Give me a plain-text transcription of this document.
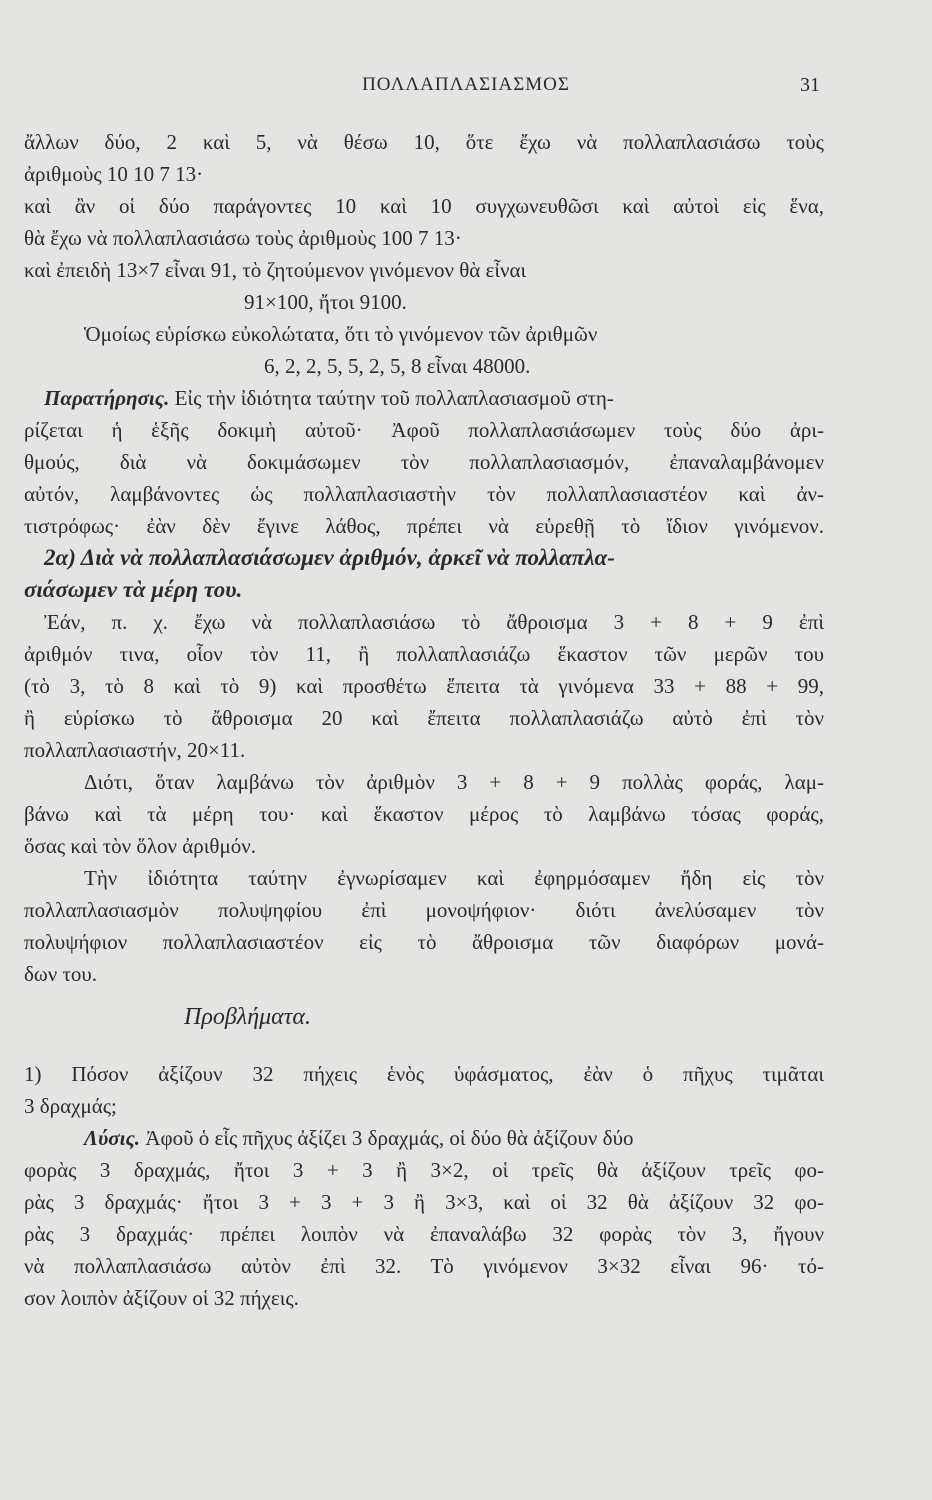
ΠΟΛΛΑΠΛΑΣΙΑΣΜΟΣ	31
ἄλλων δύο, 2 καὶ 5, νὰ θέσω 10, ὅτε ἔχω νὰ πολλαπλασιάσω τοὺς
ἀριθμοὺς 10 10 7 13·
καὶ ἂν οἱ δύο παράγοντες 10 καὶ 10 συγχωνευθῶσι καὶ αὐτοὶ εἰς ἕνα,
θὰ ἔχω νὰ πολλαπλασιάσω τοὺς ἀριθμοὺς 100 7 13·
καὶ ἐπειδὴ 13×7 εἶναι 91, τὸ ζητούμενον γινόμενον θὰ εἶναι
91×100, ἤτοι 9100.
Ὁμοίως εὑρίσκω εὐκολώτατα, ὅτι τὸ γινόμενον τῶν ἀριθμῶν
6, 2, 2, 5, 5, 2, 5, 8 εἶναι 48000.
Παρατήρησις. Εἰς τὴν ἰδιότητα ταύτην τοῦ πολλαπλασιασμοῦ στη-
ρίζεται ἡ ἑξῆς δοκιμὴ αὐτοῦ· Ἀφοῦ πολλαπλασιάσωμεν τοὺς δύο ἀρι-
θμούς, διὰ νὰ δοκιμάσωμεν τὸν πολλαπλασιασμόν, ἐπαναλαμβάνομεν
αὐτόν, λαμβάνοντες ὡς πολλαπλασιαστὴν τὸν πολλαπλασιαστέον καὶ ἀν-
τιστρόφως· ἐὰν δὲν ἔγινε λάθος, πρέπει νὰ εὑρεθῇ τὸ ἴδιον γινόμενον.
2α) Διὰ νὰ πολλαπλασιάσωμεν ἀριθμόν, ἀρκεῖ νὰ πολλαπλα-
σιάσωμεν τὰ μέρη του.
Ἐάν, π. χ. ἔχω νὰ πολλαπλασιάσω τὸ ἄθροισμα 3 + 8 + 9 ἐπὶ
ἀριθμόν τινα, οἷον τὸν 11, ἢ πολλαπλασιάζω ἕκαστον τῶν μερῶν του
(τὸ 3, τὸ 8 καὶ τὸ 9) καὶ προσθέτω ἔπειτα τὰ γινόμενα 33 + 88 + 99,
ἢ εὑρίσκω τὸ ἄθροισμα 20 καὶ ἔπειτα πολλαπλασιάζω αὐτὸ ἐπὶ τὸν
πολλαπλασιαστήν, 20×11.
Διότι, ὅταν λαμβάνω τὸν ἀριθμὸν 3 + 8 + 9 πολλὰς φοράς, λαμ-
βάνω καὶ τὰ μέρη του· καὶ ἕκαστον μέρος τὸ λαμβάνω τόσας φοράς,
ὅσας καὶ τὸν ὅλον ἀριθμόν.
Τὴν ἰδιότητα ταύτην ἐγνωρίσαμεν καὶ ἐφηρμόσαμεν ἤδη εἰς τὸν
πολλαπλασιασμὸν πολυψηφίου ἐπὶ μονοψήφιον· διότι ἀνελύσαμεν τὸν
πολυψήφιον πολλαπλασιαστέον εἰς τὸ ἄθροισμα τῶν διαφόρων μονά-
δων του.
Προβλήματα.
1) Πόσον ἀξίζουν 32 πήχεις ἑνὸς ὑφάσματος, ἐὰν ὁ πῆχυς τιμᾶται
3 δραχμάς;
Λύσις. Ἀφοῦ ὁ εἷς πῆχυς ἀξίζει 3 δραχμάς, οἱ δύο θὰ ἀξίζουν δύο
φορὰς 3 δραχμάς, ἤτοι 3 + 3 ἢ 3×2, οἱ τρεῖς θὰ ἀξίζουν τρεῖς φο-
ρὰς 3 δραχμάς· ἤτοι 3 + 3 + 3 ἢ 3×3, καὶ οἱ 32 θὰ ἀξίζουν 32 φο-
ρὰς 3 δραχμάς· πρέπει λοιπὸν νὰ ἐπαναλάβω 32 φορὰς τὸν 3, ἤγουν
νὰ πολλαπλασιάσω αὐτὸν ἐπὶ 32. Τὸ γινόμενον 3×32 εἶναι 96· τό-
σον λοιπὸν ἀξίζουν οἱ 32 πήχεις.
